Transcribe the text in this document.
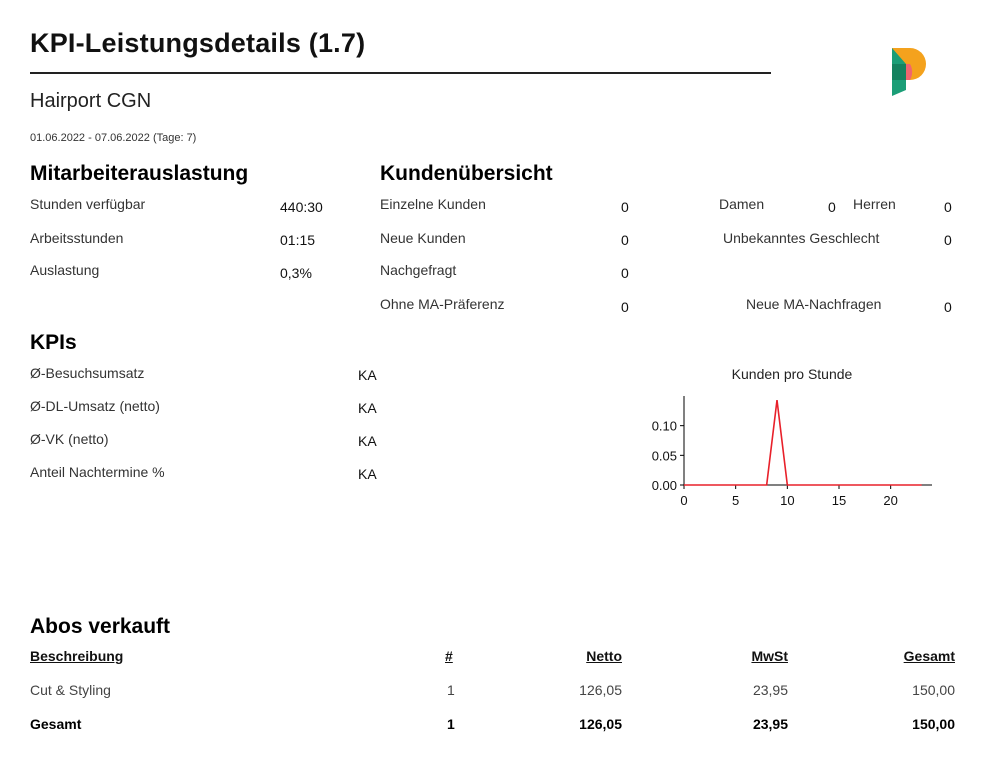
KPI-Leistungsdetails (1.7)
Hairport CGN
01.06.2022 - 07.06.2022 (Tage: 7)
Mitarbeiterauslastung
Stunden verfügbar	440:30
Arbeitsstunden	01:15
Auslastung	0,3%
Kundenübersicht
Einzelne Kunden	0
Neue Kunden	0
Nachgefragt	0
Ohne MA-Präferenz	0
Damen	0 Herren	0
Unbekanntes Geschlecht	0
Neue MA-Nachfragen	0
KPIs
Ø-Besuchsumsatz	KA
Ø-DL-Umsatz (netto)	KA
Ø-VK (netto)	KA
Anteil Nachtermine %	KA
Kunden pro Stunde
0	5	10	15	20
0.00
0.05
0.10
Abos verkauft
Beschreibung	#	Netto	MwSt	Gesamt
Cut & Styling	1	126,05	23,95	150,00
Gesamt	1	126,05	23,95	150,00
